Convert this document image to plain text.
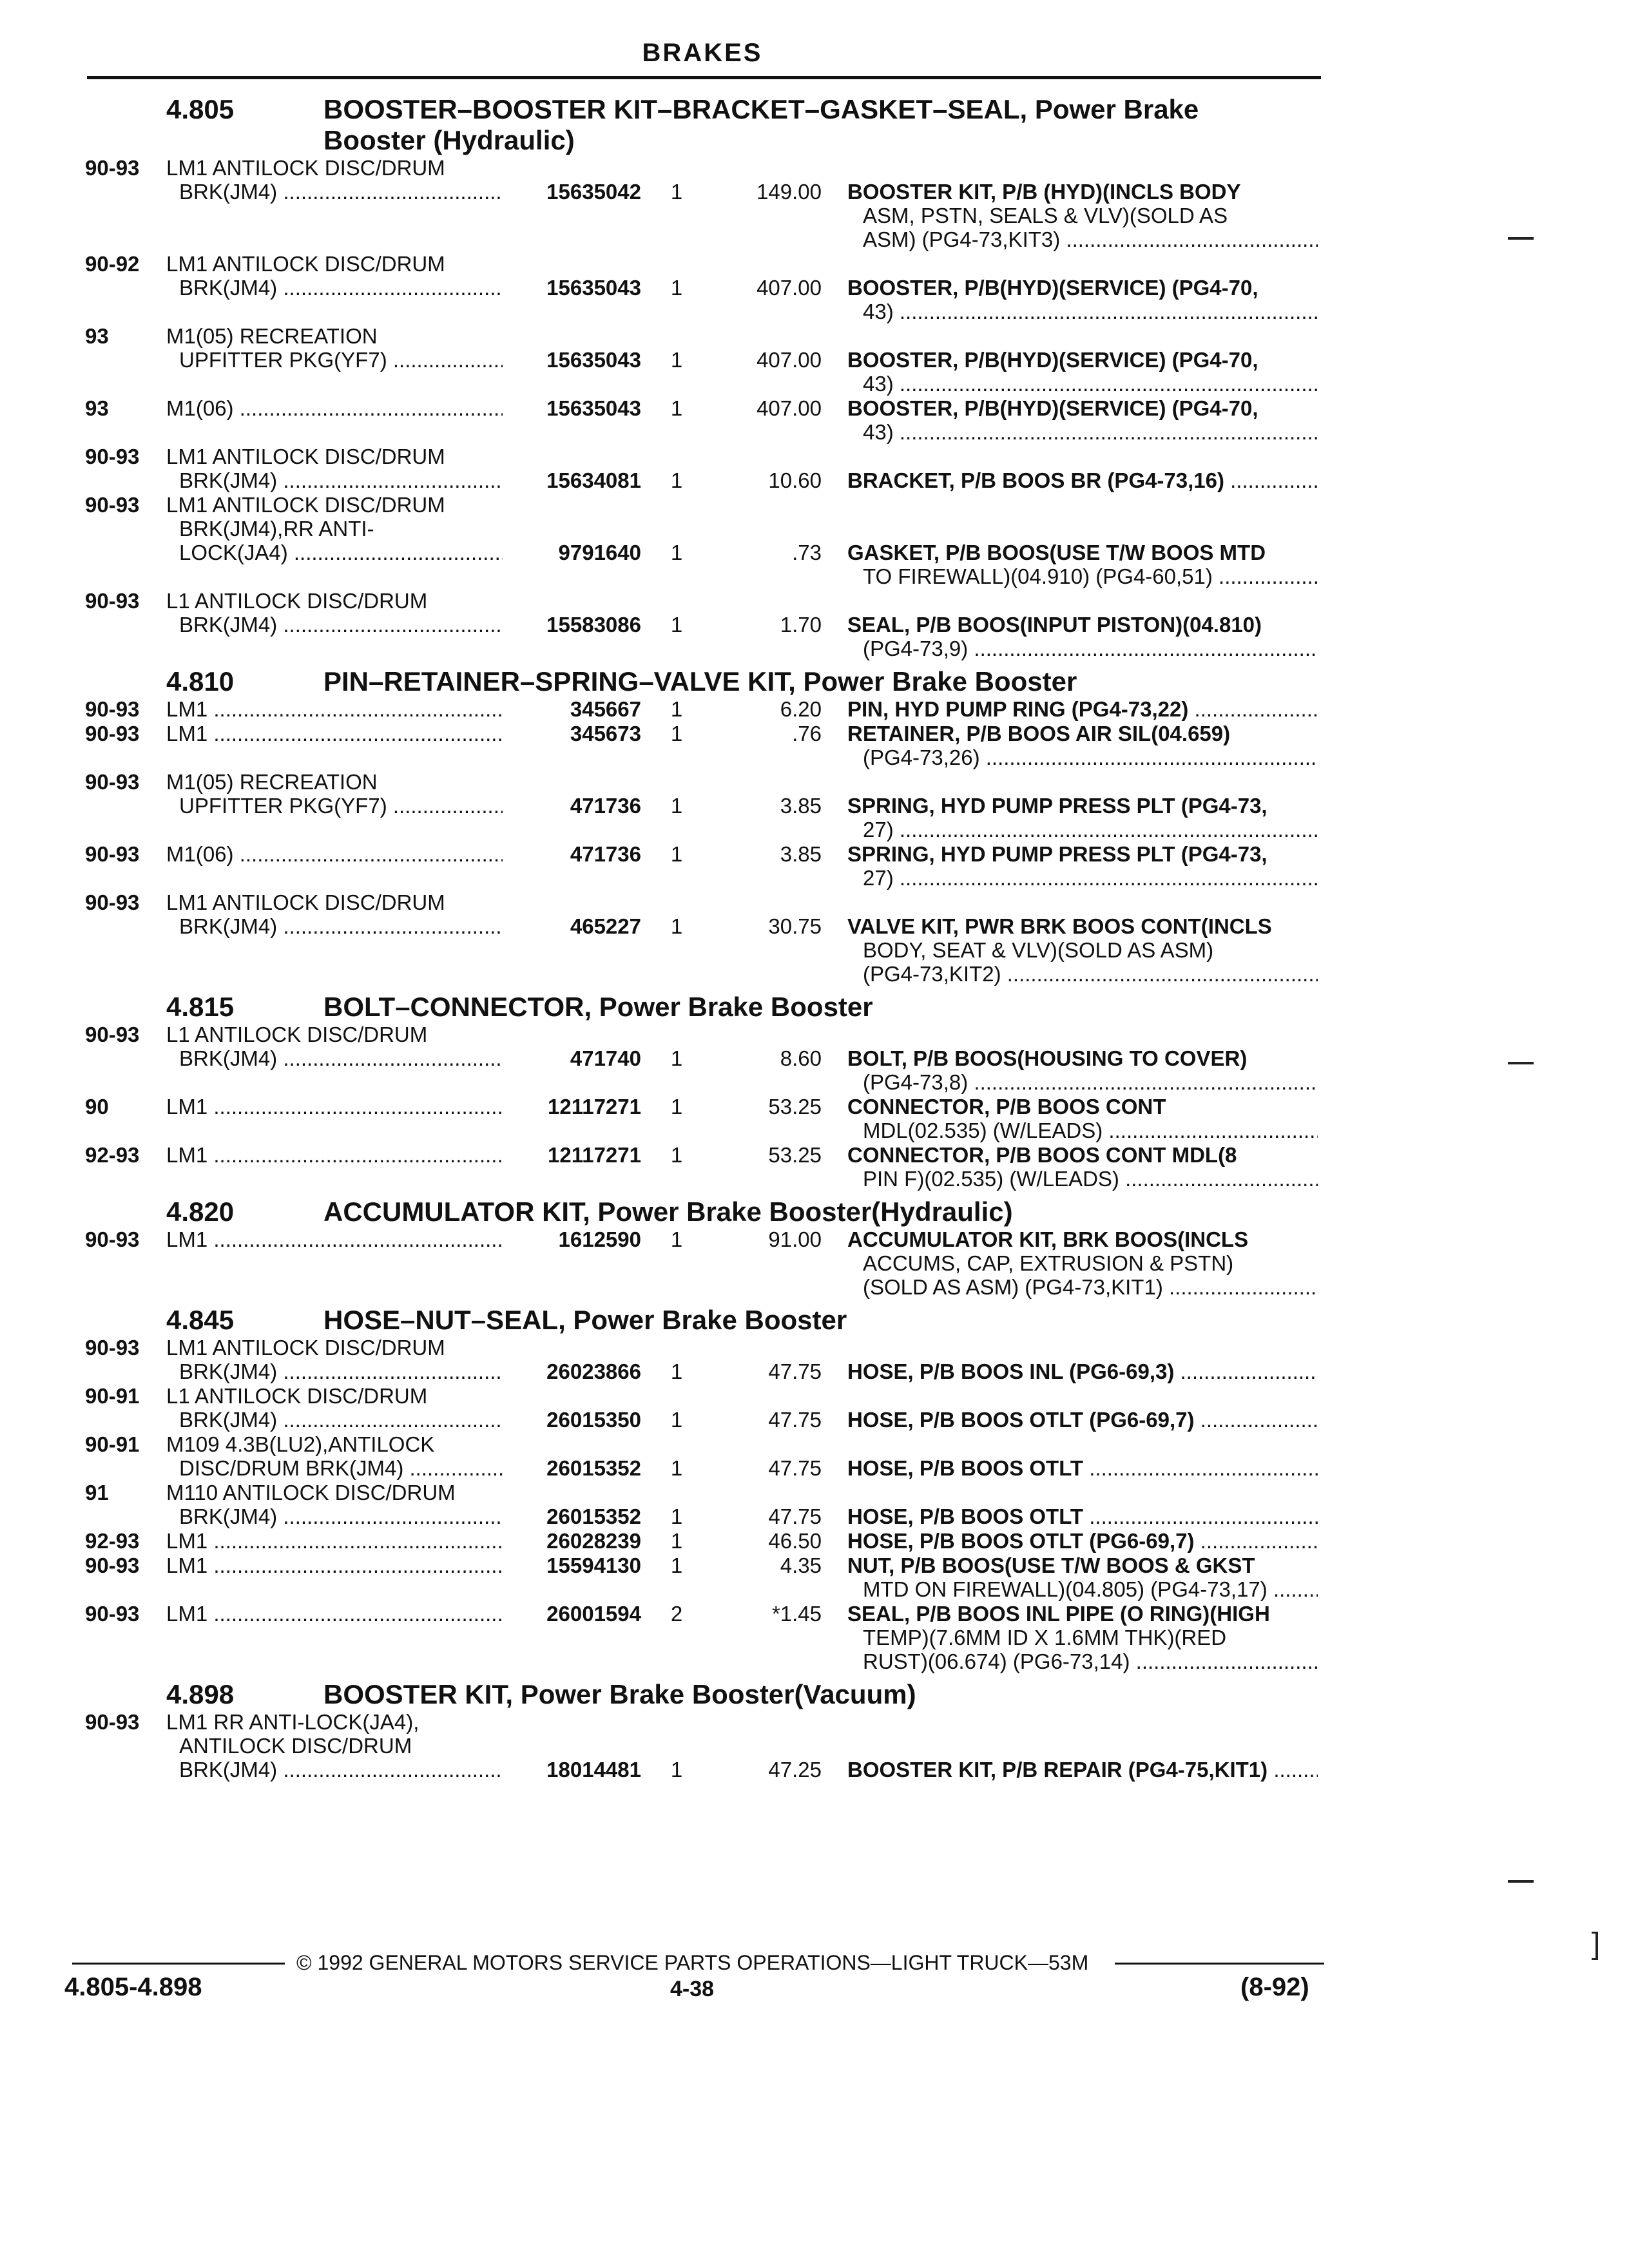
BRAKES
4.805	BOOSTER–BOOSTER KIT–BRACKET–GASKET–SEAL, Power Brake Booster (Hydraulic)
90-93	LM1 ANTILOCK DISC/DRUM
BRK(JM4) .....	15635042	1	149.00 BOOSTER KIT, P/B (HYD)(INCLS BODY
ASM, PSTN, SEALS & VLV)(SOLD AS
ASM) (PG4-73,KIT3) .....
90-92	LM1 ANTILOCK DISC/DRUM
BRK(JM4) .....	15635043	1	407.00 BOOSTER, P/B(HYD)(SERVICE) (PG4-70,
43) .....
93	M1(05) RECREATION
UPFITTER PKG(YF7) .....	15635043	1	407.00 BOOSTER, P/B(HYD)(SERVICE) (PG4-70,
43) .....
93	M1(06) .....	15635043	1	407.00 BOOSTER, P/B(HYD)(SERVICE) (PG4-70,
43) .....
90-93	LM1 ANTILOCK DISC/DRUM
BRK(JM4) .....	15634081	1	10.60 BRACKET, P/B BOOS BR (PG4-73,16) .....
90-93	LM1 ANTILOCK DISC/DRUM
BRK(JM4),RR ANTI-
LOCK(JA4) .....	9791640	1	.73 GASKET, P/B BOOS(USE T/W BOOS MTD
TO FIREWALL)(04.910) (PG4-60,51) .....
90-93	L1 ANTILOCK DISC/DRUM
BRK(JM4) .....	15583086	1	1.70 SEAL, P/B BOOS(INPUT PISTON)(04.810)
(PG4-73,9) .....
4.810	PIN–RETAINER–SPRING–VALVE KIT, Power Brake Booster
90-93	LM1 .....	345667	1	6.20 PIN, HYD PUMP RING (PG4-73,22) .....
90-93	LM1 .....	345673	1	.76 RETAINER, P/B BOOS AIR SIL(04.659)
(PG4-73,26) .....
90-93	M1(05) RECREATION
UPFITTER PKG(YF7) .....	471736	1	3.85 SPRING, HYD PUMP PRESS PLT (PG4-73,
27) .....
90-93	M1(06) .....	471736	1	3.85 SPRING, HYD PUMP PRESS PLT (PG4-73,
27) .....
90-93	LM1 ANTILOCK DISC/DRUM
BRK(JM4) .....	465227	1	30.75 VALVE KIT, PWR BRK BOOS CONT(INCLS
BODY, SEAT & VLV)(SOLD AS ASM)
(PG4-73,KIT2) .....
4.815	BOLT–CONNECTOR, Power Brake Booster
90-93	L1 ANTILOCK DISC/DRUM
BRK(JM4) .....	471740	1	8.60 BOLT, P/B BOOS(HOUSING TO COVER)
(PG4-73,8) .....
90	LM1 .....	12117271	1	53.25 CONNECTOR, P/B BOOS CONT
MDL(02.535) (W/LEADS) .....
92-93	LM1 .....	12117271	1	53.25 CONNECTOR, P/B BOOS CONT MDL(8
PIN F)(02.535) (W/LEADS) .....
4.820	ACCUMULATOR KIT, Power Brake Booster(Hydraulic)
90-93	LM1 .....	1612590	1	91.00 ACCUMULATOR KIT, BRK BOOS(INCLS
ACCUMS, CAP, EXTRUSION & PSTN)
(SOLD AS ASM) (PG4-73,KIT1) .....
4.845	HOSE–NUT–SEAL, Power Brake Booster
90-93	LM1 ANTILOCK DISC/DRUM
BRK(JM4) .....	26023866	1	47.75 HOSE, P/B BOOS INL (PG6-69,3) .....
90-91	L1 ANTILOCK DISC/DRUM
BRK(JM4) .....	26015350	1	47.75 HOSE, P/B BOOS OTLT (PG6-69,7) .....
90-91	M109 4.3B(LU2),ANTILOCK
DISC/DRUM BRK(JM4) .....	26015352	1	47.75 HOSE, P/B BOOS OTLT .....
91	M110 ANTILOCK DISC/DRUM
BRK(JM4) .....	26015352	1	47.75 HOSE, P/B BOOS OTLT .....
92-93	LM1 .....	26028239	1	46.50 HOSE, P/B BOOS OTLT (PG6-69,7) .....
90-93	LM1 .....	15594130	1	4.35 NUT, P/B BOOS(USE T/W BOOS & GKST
MTD ON FIREWALL)(04.805) (PG4-73,17) .....
90-93	LM1 .....	26001594	2	*1.45 SEAL, P/B BOOS INL PIPE (O RING)(HIGH
TEMP)(7.6MM ID X 1.6MM THK)(RED
RUST)(06.674) (PG6-73,14) .....
4.898	BOOSTER KIT, Power Brake Booster(Vacuum)
90-93	LM1 RR ANTI-LOCK(JA4),
ANTILOCK DISC/DRUM
BRK(JM4) .....	18014481	1	47.25 BOOSTER KIT, P/B REPAIR (PG4-75,KIT1) .....
© 1992 GENERAL MOTORS SERVICE PARTS OPERATIONS—LIGHT TRUCK—53M
4.805-4.898	4-38	(8-92)
